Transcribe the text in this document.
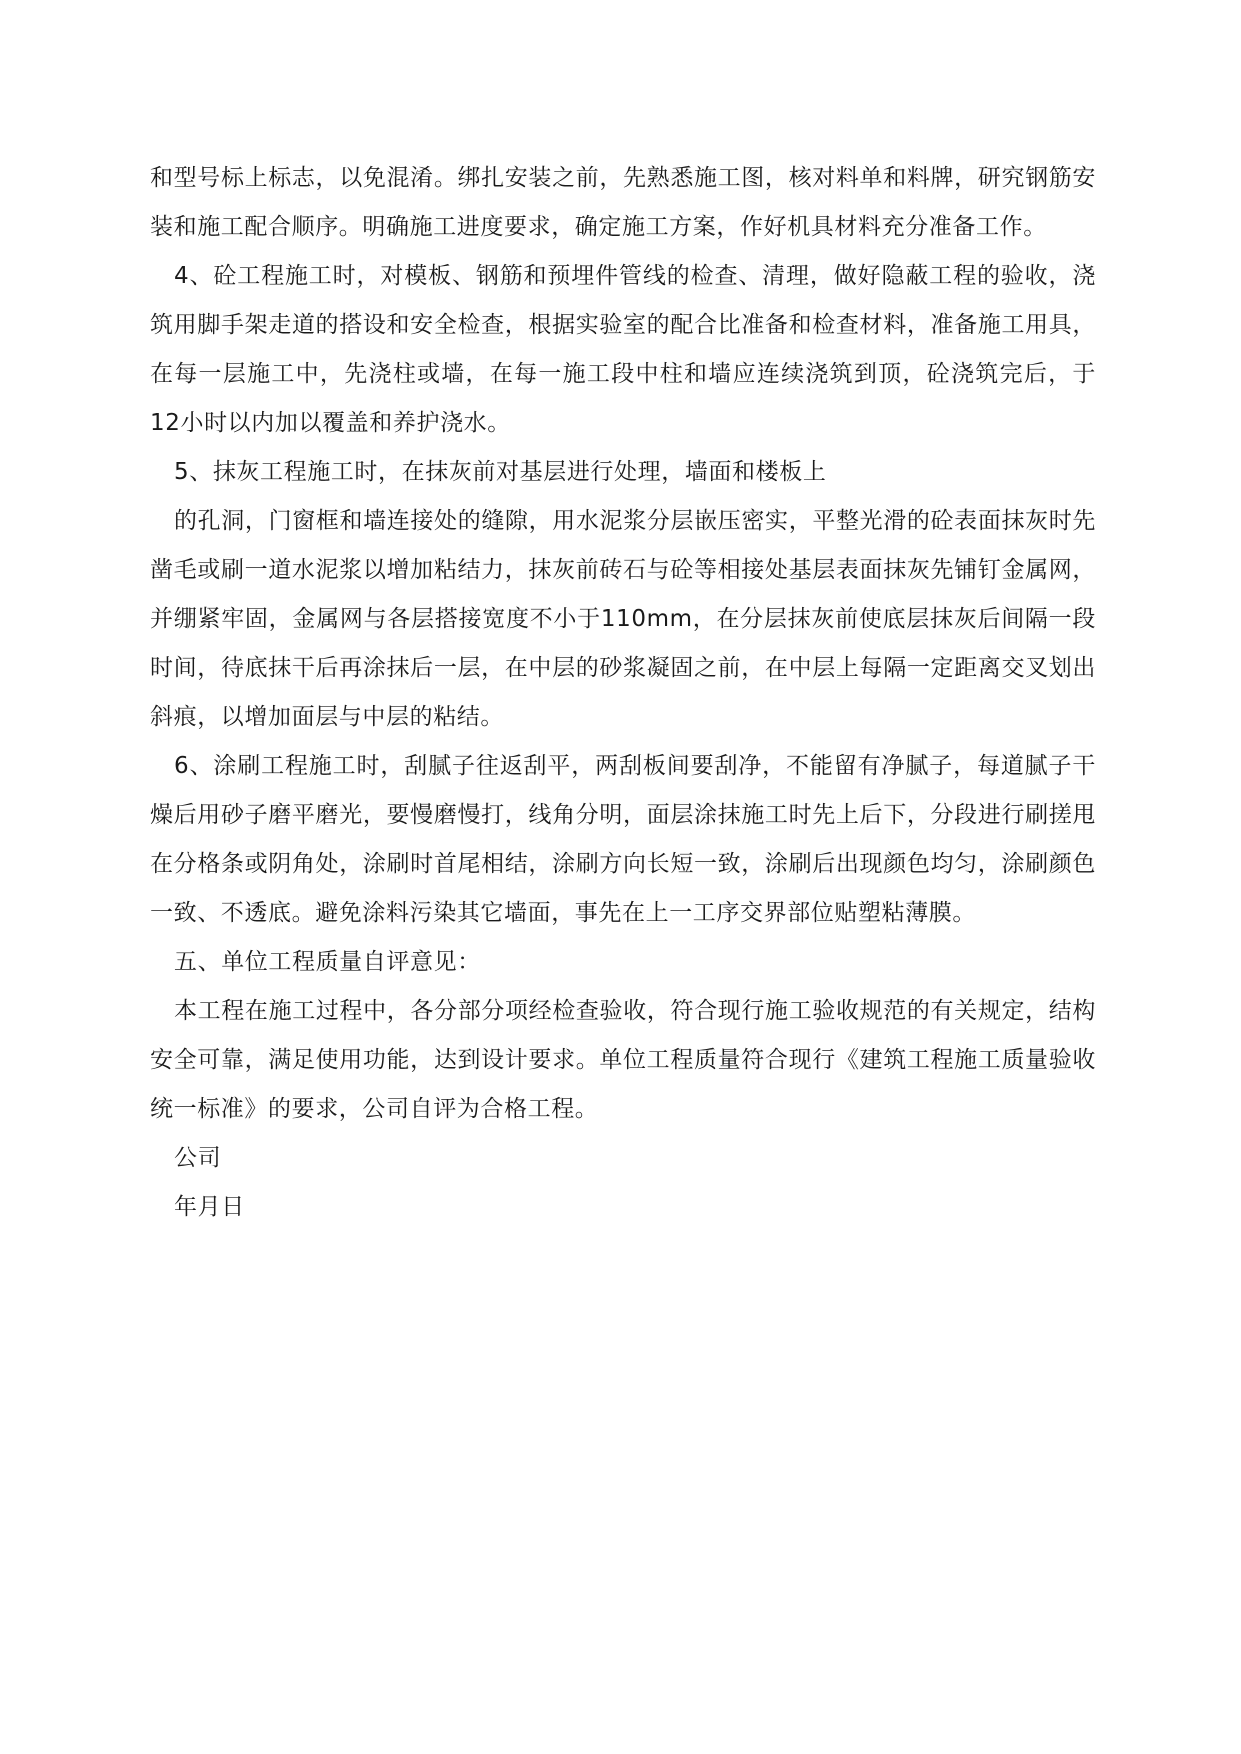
和型号标上标志，以免混淆。绑扎安装之前，先熟悉施工图，核对料单和料牌，研究钢筋安装和施工配合顺序。明确施工进度要求，确定施工方案，作好机具材料充分准备工作。

4、砼工程施工时，对模板、钢筋和预埋件管线的检查、清理，做好隐蔽工程的验收，浇筑用脚手架走道的搭设和安全检查，根据实验室的配合比准备和检查材料，准备施工用具，在每一层施工中，先浇柱或墙，在每一施工段中柱和墙应连续浇筑到顶，砼浇筑完后，于12小时以内加以覆盖和养护浇水。

5、抹灰工程施工时，在抹灰前对基层进行处理，墙面和楼板上

的孔洞，门窗框和墙连接处的缝隙，用水泥浆分层嵌压密实，平整光滑的砼表面抹灰时先凿毛或刷一道水泥浆以增加粘结力，抹灰前砖石与砼等相接处基层表面抹灰先铺钉金属网，并绷紧牢固，金属网与各层搭接宽度不小于110mm，在分层抹灰前使底层抹灰后间隔一段时间，待底抹干后再涂抹后一层，在中层的砂浆凝固之前，在中层上每隔一定距离交叉划出斜痕，以增加面层与中层的粘结。

6、涂刷工程施工时，刮腻子往返刮平，两刮板间要刮净，不能留有净腻子，每道腻子干燥后用砂子磨平磨光，要慢磨慢打，线角分明，面层涂抹施工时先上后下，分段进行刷搓甩在分格条或阴角处，涂刷时首尾相结，涂刷方向长短一致，涂刷后出现颜色均匀，涂刷颜色一致、不透底。避免涂料污染其它墙面，事先在上一工序交界部位贴塑粘薄膜。

五、单位工程质量自评意见：

本工程在施工过程中，各分部分项经检查验收，符合现行施工验收规范的有关规定，结构安全可靠，满足使用功能，达到设计要求。单位工程质量符合现行《建筑工程施工质量验收统一标准》的要求，公司自评为合格工程。

公司

年月日
